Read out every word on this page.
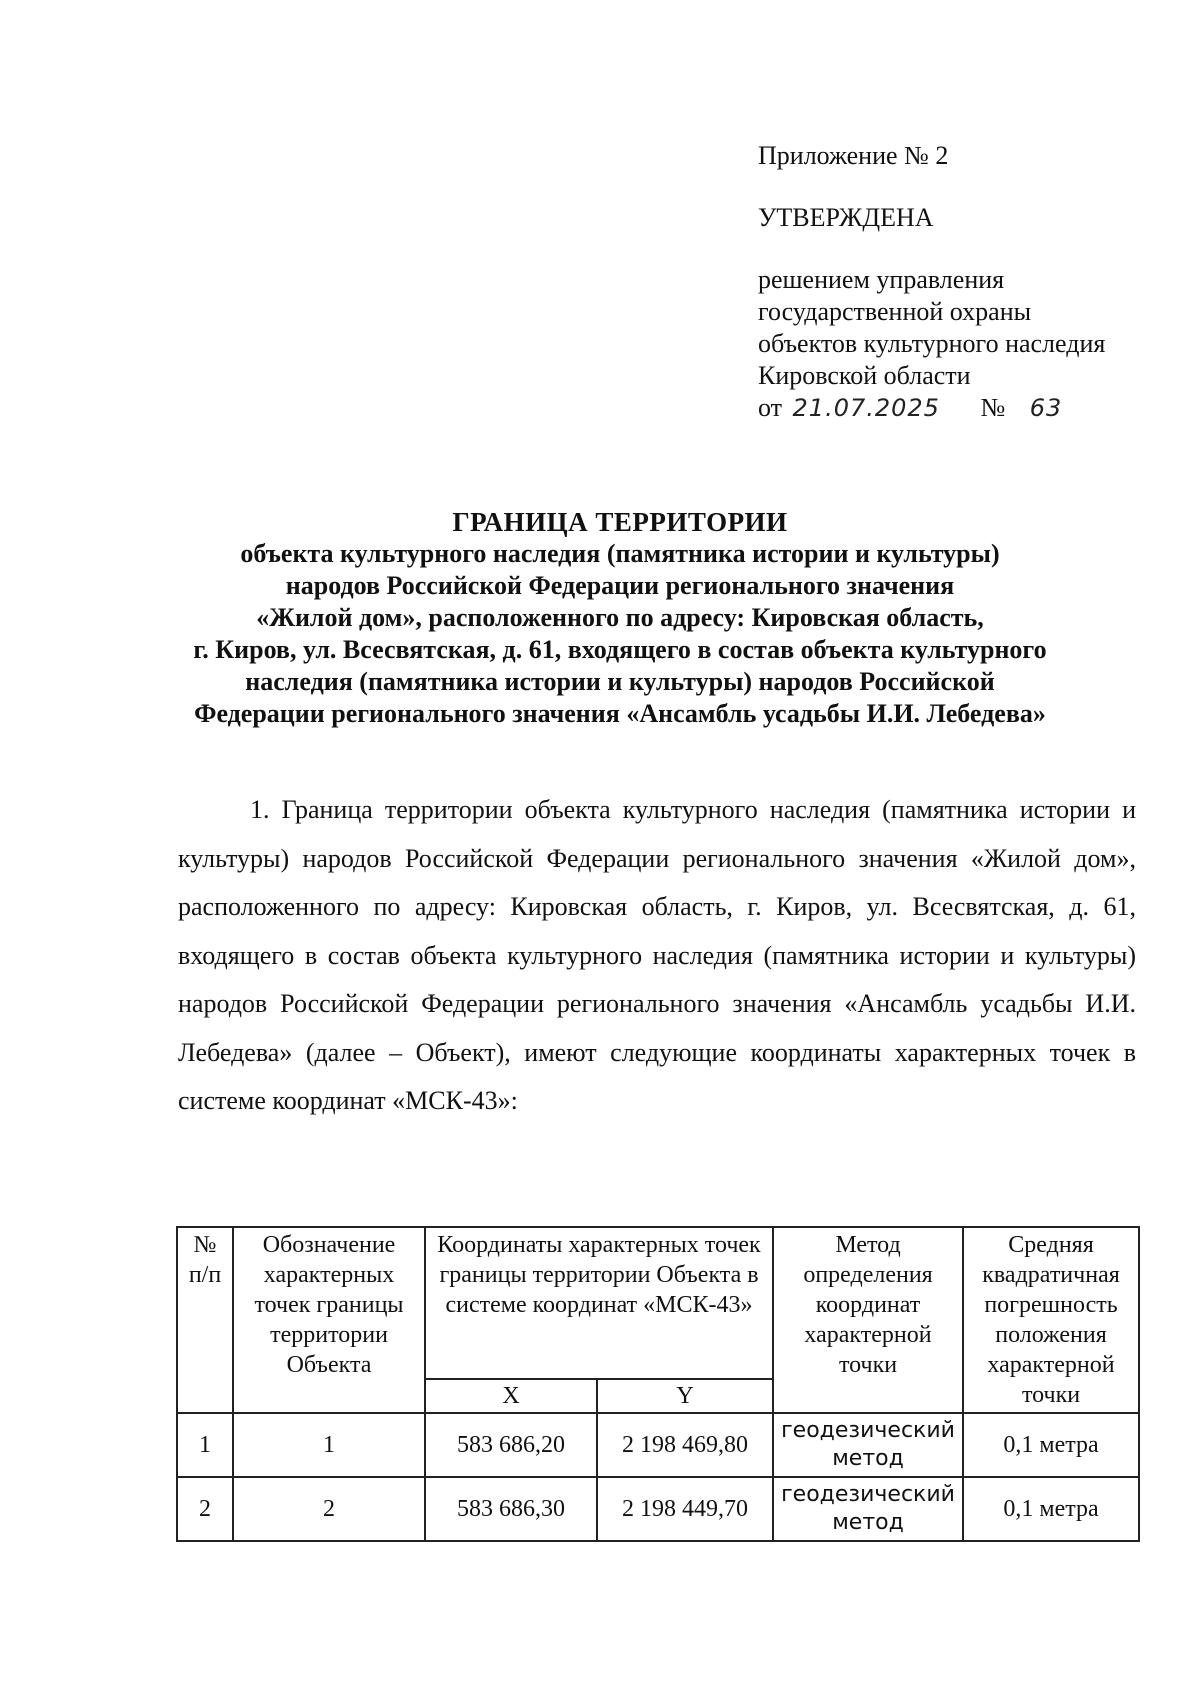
Приложение № 2
УТВЕРЖДЕНА
решением управления
государственной охраны
объектов культурного наследия
Кировской области
от 21.07.2025 № 63
ГРАНИЦА ТЕРРИТОРИИ
объекта культурного наследия (памятника истории и культуры)
народов Российской Федерации регионального значения
«Жилой дом», расположенного по адресу: Кировская область,
г. Киров, ул. Всесвятская, д. 61, входящего в состав объекта культурного
наследия (памятника истории и культуры) народов Российской
Федерации регионального значения «Ансамбль усадьбы И.И. Лебедева»

1. Граница территории объекта культурного наследия (памятника истории и культуры) народов Российской Федерации регионального значения «Жилой дом», расположенного по адресу: Кировская область, г. Киров, ул. Всесвятская, д. 61, входящего в состав объекта культурного наследия (памятника истории и культуры) народов Российской Федерации регионального значения «Ансамбль усадьбы И.И. Лебедева» (далее – Объект), имеют следующие координаты характерных точек в системе координат «МСК-43»:

№
п/п	Обозначение характерных точек границы территории Объекта	Координаты характерных точек границы территории Объекта в системе координат «МСК-43»		Метод определения координат характерной точки	Средняя квадратичная погрешность положения характерной точки
		X	Y		
1	1	583 686,20	2 198 469,80	геодезический метод	0,1 метра
2	2	583 686,30	2 198 449,70	геодезический метод	0,1 метра
